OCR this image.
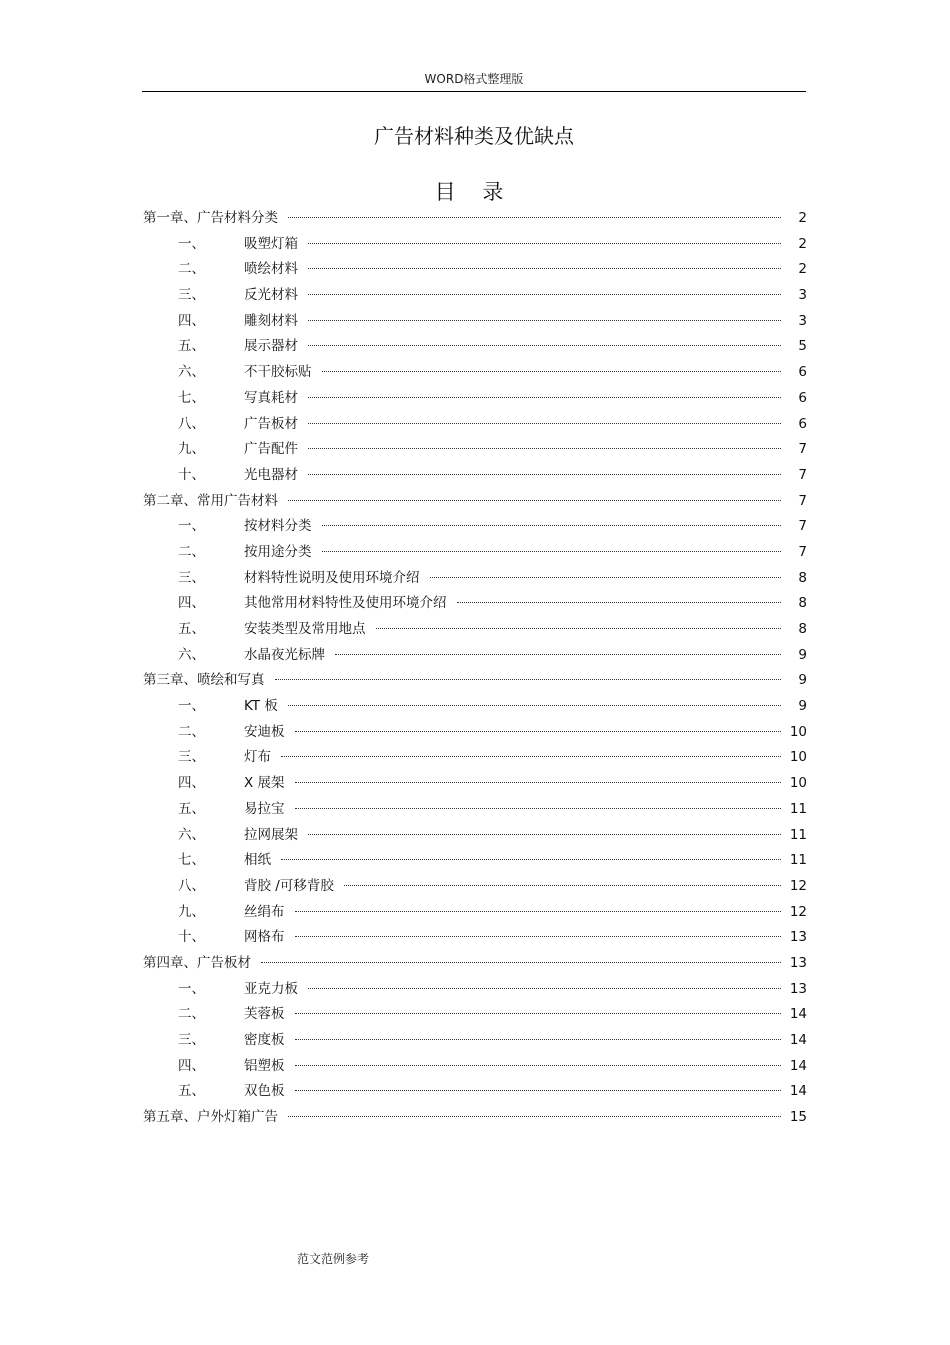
WORD格式整理版
广告材料种类及优缺点
目 录
第一章、广告材料分类	2
一、	吸塑灯箱	2
二、	喷绘材料	2
三、	反光材料	3
四、	雕刻材料	3
五、	展示器材	5
六、	不干胶标贴	6
七、	写真耗材	6
八、	广告板材	6
九、	广告配件	7
十、	光电器材	7
第二章、常用广告材料	7
一、	按材料分类	7
二、	按用途分类	7
三、	材料特性说明及使用环境介绍	8
四、	其他常用材料特性及使用环境介绍	8
五、	安装类型及常用地点	8
六、	水晶夜光标牌	9
第三章、喷绘和写真	9
一、	KT 板	9
二、	安迪板	10
三、	灯布	10
四、	X 展架	10
五、	易拉宝	11
六、	拉网展架	11
七、	相纸	11
八、	背胶 /可移背胶	12
九、	丝绢布	12
十、	网格布	13
第四章、广告板材	13
一、	亚克力板	13
二、	芙蓉板	14
三、	密度板	14
四、	铝塑板	14
五、	双色板	14
第五章、户外灯箱广告	15
范文范例参考
